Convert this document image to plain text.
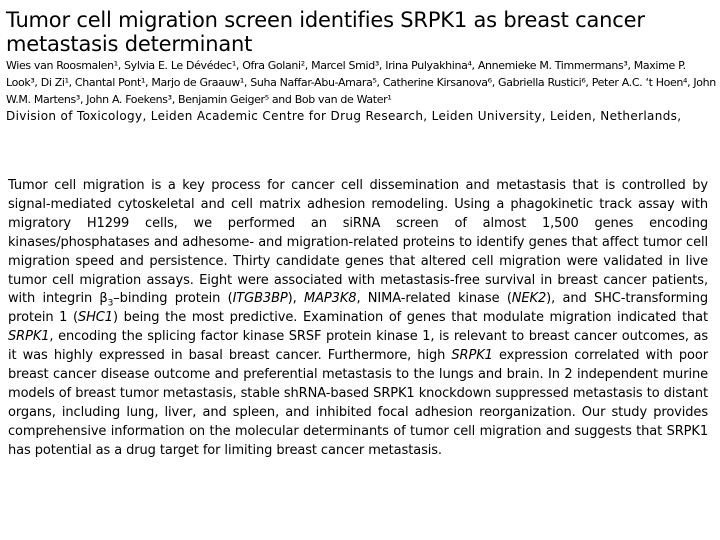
Tumor cell migration screen identifies SRPK1 as breast cancer metastasis determinant

Wies van Roosmalen¹, Sylvia E. Le Dévédec¹, Ofra Golani², Marcel Smid³, Irina Pulyakhina⁴, Annemieke M. Timmermans³, Maxime P. Look³, Di Zi¹, Chantal Pont¹, Marjo de Graauw¹, Suha Naffar-Abu-Amara⁵, Catherine Kirsanova⁶, Gabriella Rustici⁶, Peter A.C. ‘t Hoen⁴, John W.M. Martens³, John A. Foekens³, Benjamin Geiger⁵ and Bob van de Water¹

Division of Toxicology, Leiden Academic Centre for Drug Research, Leiden University, Leiden, Netherlands,

Tumor cell migration is a key process for cancer cell dissemination and metastasis that is controlled by signal-mediated cytoskeletal and cell matrix adhesion remodeling. Using a phagokinetic track assay with migratory H1299 cells, we performed an siRNA screen of almost 1,500 genes encoding kinases/phosphatases and adhesome- and migration-related proteins to identify genes that affect tumor cell migration speed and persistence. Thirty candidate genes that altered cell migration were validated in live tumor cell migration assays. Eight were associated with metastasis-free survival in breast cancer patients, with integrin $\beta_3$–binding protein (ITGB3BP), MAP3K8, NIMA-related kinase (NEK2), and SHC-transforming protein 1 (SHC1) being the most predictive. Examination of genes that modulate migration indicated that SRPK1, encoding the splicing factor kinase SRSF protein kinase 1, is relevant to breast cancer outcomes, as it was highly expressed in basal breast cancer. Furthermore, high SRPK1 expression correlated with poor breast cancer disease outcome and preferential metastasis to the lungs and brain. In 2 independent murine models of breast tumor metastasis, stable shRNA-based SRPK1 knockdown suppressed metastasis to distant organs, including lung, liver, and spleen, and inhibited focal adhesion reorganization. Our study provides comprehensive information on the molecular determinants of tumor cell migration and suggests that SRPK1 has potential as a drug target for limiting breast cancer metastasis.
